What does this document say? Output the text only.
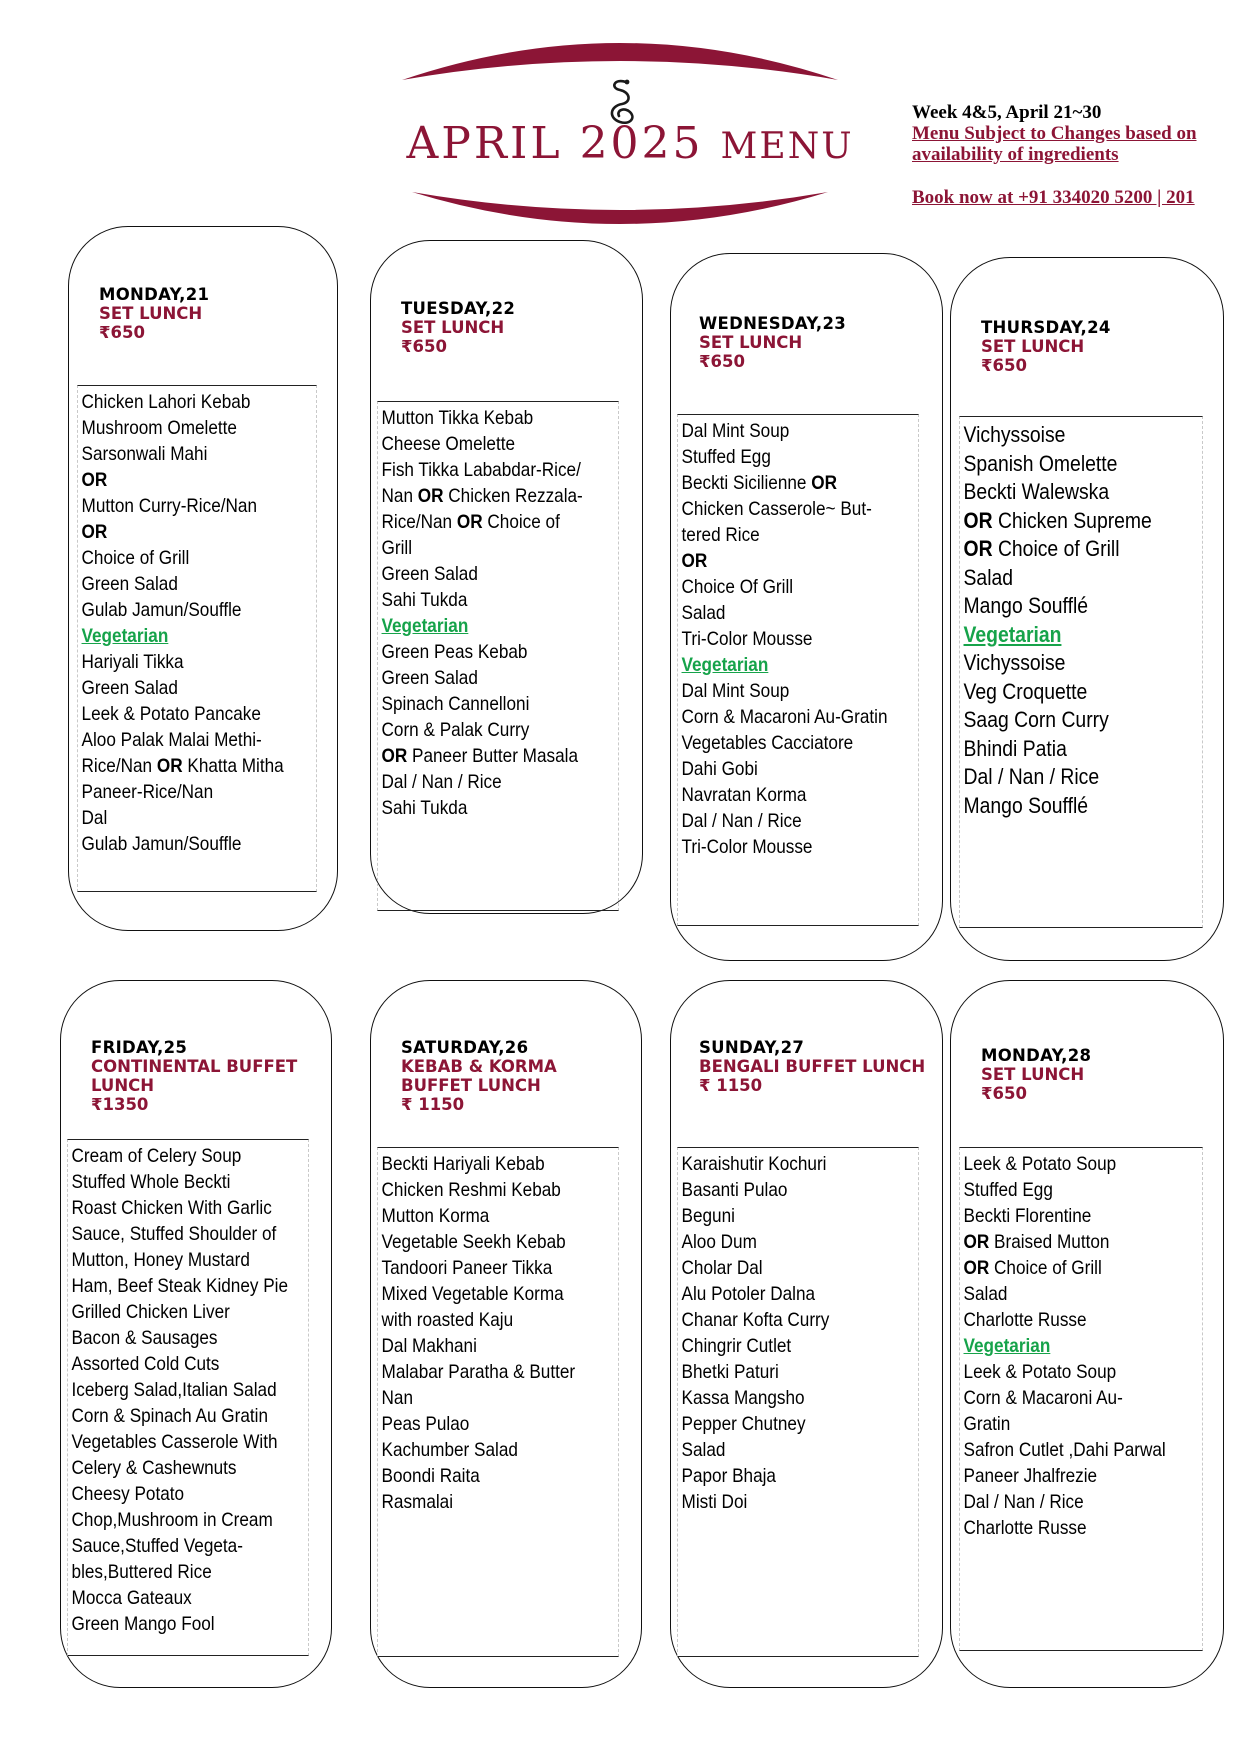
APRIL 2025 MENU
Week 4&5, April 21~30
Menu Subject to Changes based on
availability of ingredients
Book now at +91 334020 5200 | 201
MONDAY,21
SET LUNCH
₹650
Chicken Lahori Kebab
Mushroom Omelette
Sarsonwali Mahi
OR
Mutton Curry-Rice/Nan
OR
Choice of Grill
Green Salad
Gulab Jamun/Souffle
Vegetarian
Hariyali Tikka
Green Salad
Leek & Potato Pancake
Aloo Palak Malai Methi-
Rice/Nan OR Khatta Mitha
Paneer-Rice/Nan
Dal
Gulab Jamun/Souffle
TUESDAY,22
SET LUNCH
₹650
Mutton Tikka Kebab
Cheese Omelette
Fish Tikka Lababdar-Rice/
Nan OR Chicken Rezzala-
Rice/Nan OR Choice of
Grill
Green Salad
Sahi Tukda
Vegetarian
Green Peas Kebab
Green Salad
Spinach Cannelloni
Corn & Palak Curry
OR Paneer Butter Masala
Dal / Nan / Rice
Sahi Tukda
WEDNESDAY,23
SET LUNCH
₹650
Dal Mint Soup
Stuffed Egg
Beckti Sicilienne OR
Chicken Casserole~ But-
tered Rice
OR
Choice Of Grill
Salad
Tri-Color Mousse
Vegetarian
Dal Mint Soup
Corn & Macaroni Au-Gratin
Vegetables Cacciatore
Dahi Gobi
Navratan Korma
Dal / Nan / Rice
Tri-Color Mousse
THURSDAY,24
SET LUNCH
₹650
Vichyssoise
Spanish Omelette
Beckti Walewska
OR Chicken Supreme
OR Choice of Grill
Salad
Mango Soufflé
Vegetarian
Vichyssoise
Veg Croquette
Saag Corn Curry
Bhindi Patia
Dal / Nan / Rice
Mango Soufflé
FRIDAY,25
CONTINENTAL BUFFET LUNCH
₹1350
Cream of Celery Soup
Stuffed Whole Beckti
Roast Chicken With Garlic
Sauce, Stuffed Shoulder of
Mutton, Honey Mustard
Ham, Beef Steak Kidney Pie
Grilled Chicken Liver
Bacon & Sausages
Assorted Cold Cuts
Iceberg Salad,Italian Salad
Corn & Spinach Au Gratin
Vegetables Casserole With
Celery & Cashewnuts
Cheesy Potato
Chop,Mushroom in Cream
Sauce,Stuffed Vegeta-
bles,Buttered Rice
Mocca Gateaux
Green Mango Fool
SATURDAY,26
KEBAB & KORMA BUFFET LUNCH
₹ 1150
Beckti Hariyali Kebab
Chicken Reshmi Kebab
Mutton Korma
Vegetable Seekh Kebab
Tandoori Paneer Tikka
Mixed Vegetable Korma
with roasted Kaju
Dal Makhani
Malabar Paratha & Butter
Nan
Peas Pulao
Kachumber Salad
Boondi Raita
Rasmalai
SUNDAY,27
BENGALI BUFFET LUNCH
₹ 1150
Karaishutir Kochuri
Basanti Pulao
Beguni
Aloo Dum
Cholar Dal
Alu Potoler Dalna
Chanar Kofta Curry
Chingrir Cutlet
Bhetki Paturi
Kassa Mangsho
Pepper Chutney
Salad
Papor Bhaja
Misti Doi
MONDAY,28
SET LUNCH
₹650
Leek & Potato Soup
Stuffed Egg
Beckti Florentine
OR Braised Mutton
OR Choice of Grill
Salad
Charlotte Russe
Vegetarian
Leek & Potato Soup
Corn & Macaroni Au-
Gratin
Safron Cutlet ,Dahi Parwal
Paneer Jhalfrezie
Dal / Nan / Rice
Charlotte Russe
